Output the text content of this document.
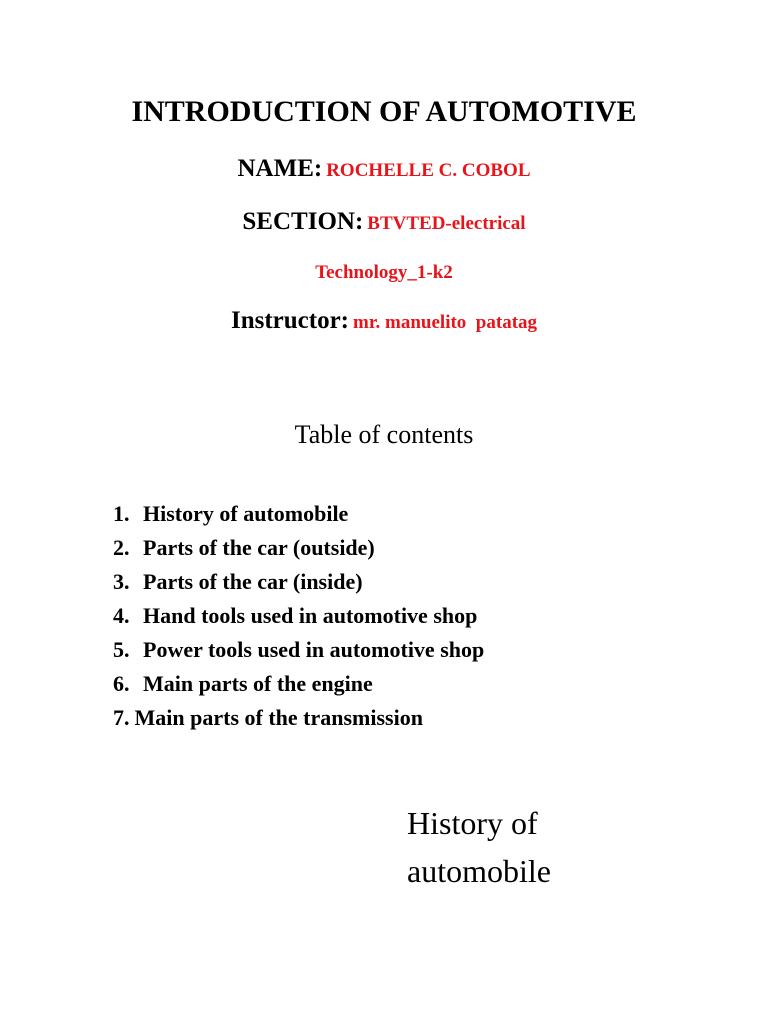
INTRODUCTION OF AUTOMOTIVE
NAME: ROCHELLE C. COBOL
SECTION: BTVTED-electrical
Technology_1-k2
Instructor: mr. manuelito  patatag
Table of contents
1. History of automobile
2. Parts of the car (outside)
3. Parts of the car (inside)
4. Hand tools used in automotive shop
5. Power tools used in automotive shop
6. Main parts of the engine
7. Main parts of the transmission
History of
automobile
